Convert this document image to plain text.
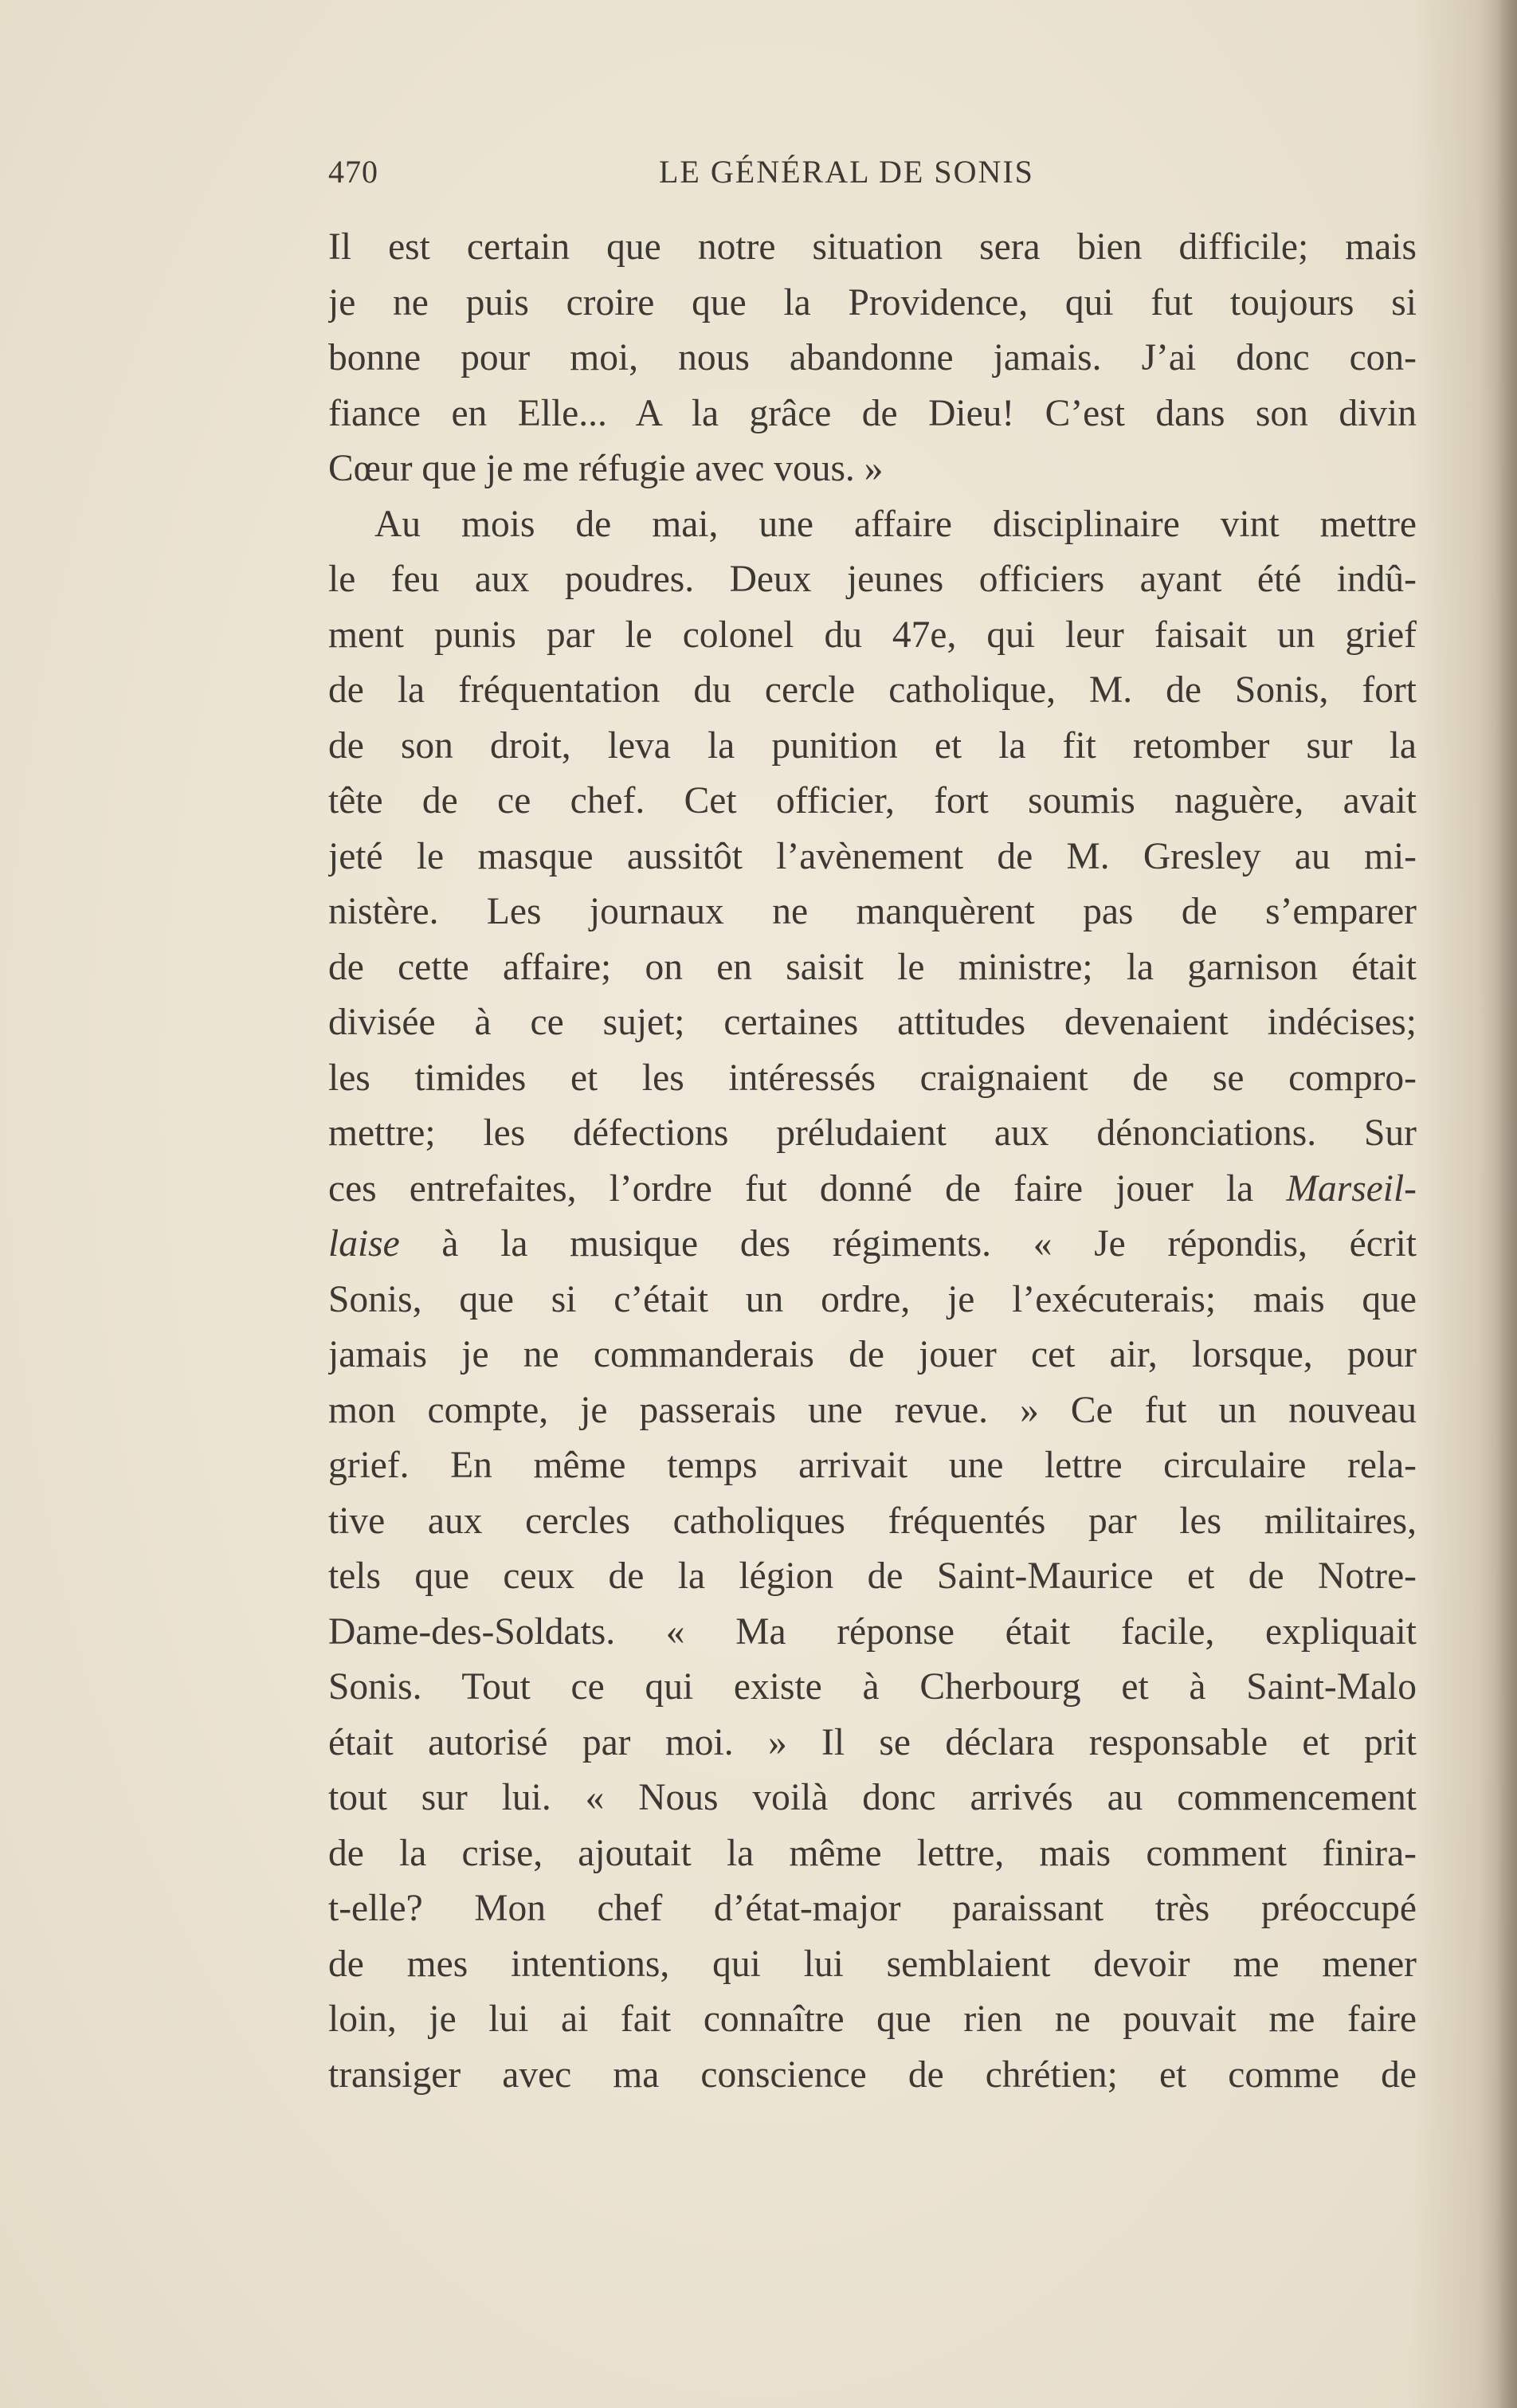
470	LE GÉNÉRAL DE SONIS
Il est certain que notre situation sera bien difficile; mais
je ne puis croire que la Providence, qui fut toujours si
bonne pour moi, nous abandonne jamais. J’ai donc con-
fiance en Elle... A la grâce de Dieu! C’est dans son divin
Cœur que je me réfugie avec vous. »
Au mois de mai, une affaire disciplinaire vint mettre
le feu aux poudres. Deux jeunes officiers ayant été indû-
ment punis par le colonel du 47e, qui leur faisait un grief
de la fréquentation du cercle catholique, M. de Sonis, fort
de son droit, leva la punition et la fit retomber sur la
tête de ce chef. Cet officier, fort soumis naguère, avait
jeté le masque aussitôt l’avènement de M. Gresley au mi-
nistère. Les journaux ne manquèrent pas de s’emparer
de cette affaire; on en saisit le ministre; la garnison était
divisée à ce sujet; certaines attitudes devenaient indécises;
les timides et les intéressés craignaient de se compro-
mettre; les défections préludaient aux dénonciations. Sur
ces entrefaites, l’ordre fut donné de faire jouer la Marseil-
laise à la musique des régiments. « Je répondis, écrit
Sonis, que si c’était un ordre, je l’exécuterais; mais que
jamais je ne commanderais de jouer cet air, lorsque, pour
mon compte, je passerais une revue. » Ce fut un nouveau
grief. En même temps arrivait une lettre circulaire rela-
tive aux cercles catholiques fréquentés par les militaires,
tels que ceux de la légion de Saint-Maurice et de Notre-
Dame-des-Soldats. « Ma réponse était facile, expliquait
Sonis. Tout ce qui existe à Cherbourg et à Saint-Malo
était autorisé par moi. » Il se déclara responsable et prit
tout sur lui. « Nous voilà donc arrivés au commencement
de la crise, ajoutait la même lettre, mais comment finira-
t-elle? Mon chef d’état-major paraissant très préoccupé
de mes intentions, qui lui semblaient devoir me mener
loin, je lui ai fait connaître que rien ne pouvait me faire
transiger avec ma conscience de chrétien; et comme de
